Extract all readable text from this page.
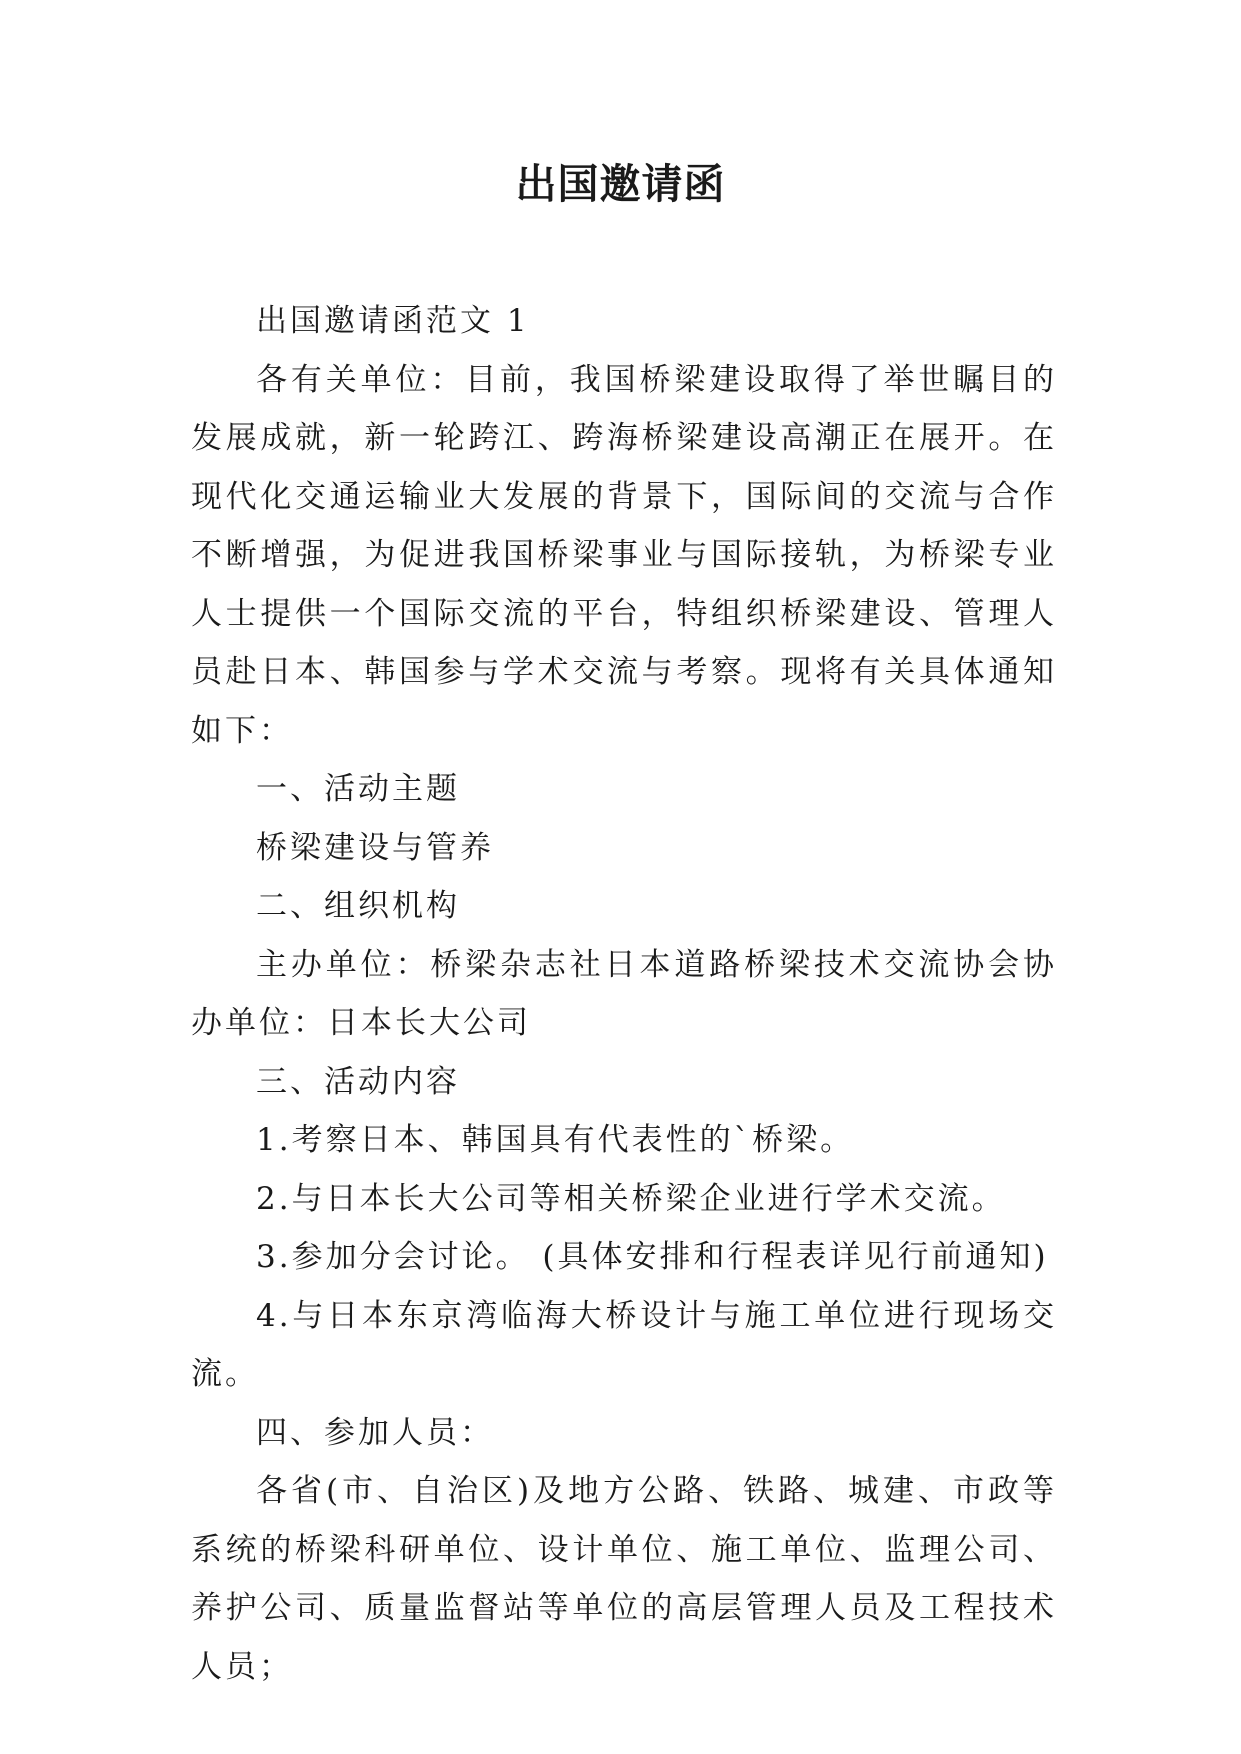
出国邀请函

出国邀请函范文 1

各有关单位：目前，我国桥梁建设取得了举世瞩目的发展成就，新一轮跨江、跨海桥梁建设高潮正在展开。在现代化交通运输业大发展的背景下，国际间的交流与合作不断增强，为促进我国桥梁事业与国际接轨，为桥梁专业人士提供一个国际交流的平台，特组织桥梁建设、管理人员赴日本、韩国参与学术交流与考察。现将有关具体通知如下：

一、活动主题

桥梁建设与管养

二、组织机构

主办单位：桥梁杂志社日本道路桥梁技术交流协会协办单位：日本长大公司

三、活动内容

1.考察日本、韩国具有代表性的`桥梁。

2.与日本长大公司等相关桥梁企业进行学术交流。

3.参加分会讨论。 (具体安排和行程表详见行前通知)

4.与日本东京湾临海大桥设计与施工单位进行现场交流。

四、参加人员：

各省(市、自治区)及地方公路、铁路、城建、市政等系统的桥梁科研单位、设计单位、施工单位、监理公司、养护公司、质量监督站等单位的高层管理人员及工程技术人员；
